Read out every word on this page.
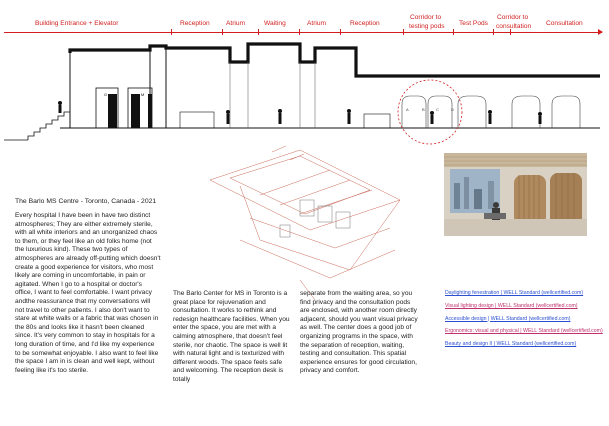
Building Entrance + Elevator	Reception Atrium	Waiting	Atrium	Reception
Corridor to
testing pods Test Pods
Corridor to
consultation Consultation
G	M
A	B	C	D
The Barlo MS Centre - Toronto, Canada - 2021
Every hospital I have been in have two distinct atmospheres; They are either extremely sterile, with all white interiors and an unorganized chaos to them, or they feel like an old folks home (not the luxurious kind). These two types of atmospheres are already off-putting which doesn't create a good experience for visitors, who most likely are coming in uncomfortable, in pain or agitated. When I go to a hospital or doctor's office, I want to feel comfortable. I want privacy andthe reassurance that my conversations will not travel to other patients. I also don't want to stare at white walls or a fabric that was chosen in the 80s and looks like it hasn't been cleaned since. It's very common to stay in hospitals for a long duration of time, and I'd like my experience to be somewhat enjoyable. I also want to feel like the space I am in is clean and well kept, without feeling like it's too sterile.
The Barlo Center for MS in Toronto is a great place for rejuvenation and consultation. It works to rethink and redesign healthcare facilities. When you enter the space, you are met with a calming atmosphere, that doesn't feel sterile, nor chaotic. The space is well lit with natural light and is texturized with different woods. The space feels safe and welcoming. The reception desk is totally
separate from the waiting area, so you find privacy and the consultation pods are enclosed, with another room directly adjacent, should you want visual privacy as well. The center does a good job of organizing programs in the space, with the separation of reception, waiting, testing and consultation. This spatial experience ensures for good circulation, privacy and comfort.
Daylighting fenestration | WELL Standard (wellcertified.com)
Visual lighting design | WELL Standard (wellcertified.com)
Accessible design | WELL Standard (wellcertified.com)
Ergonomics: visual and physical | WELL Standard (wellcertified.com)
Beauty and design II | WELL Standard (wellcertified.com)
